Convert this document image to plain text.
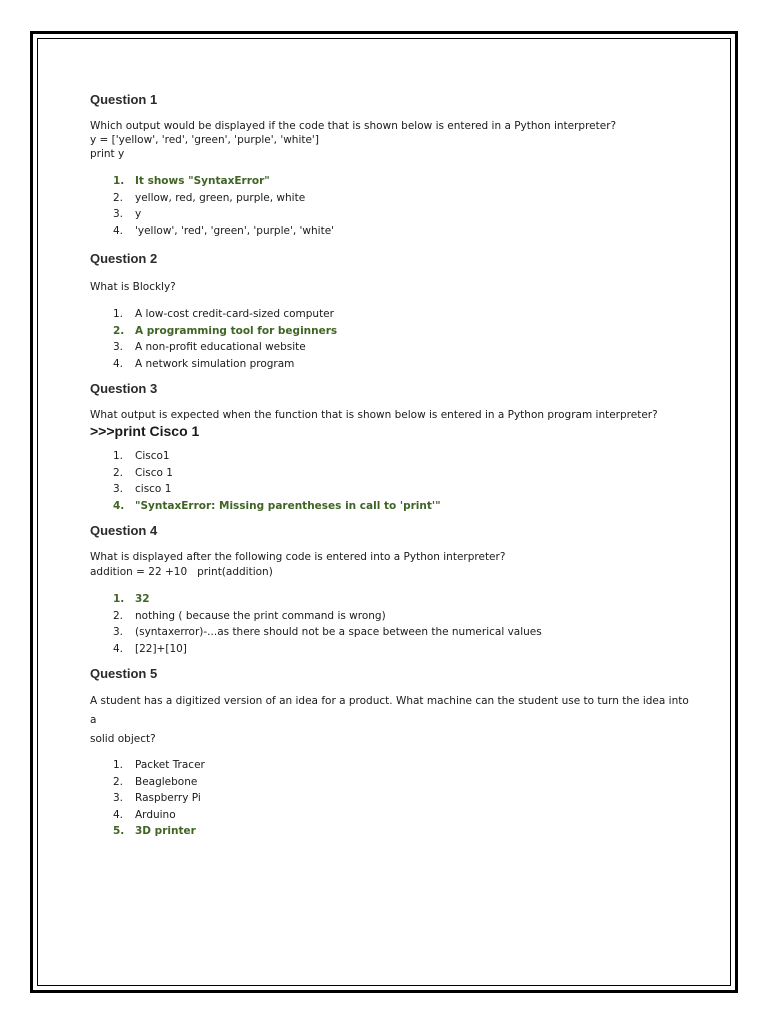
Question 1

Which output would be displayed if the code that is shown below is entered in a Python interpreter?

y = ['yellow', 'red', 'green', 'purple', 'white']

print y

1.	It shows "SyntaxError"
2.	yellow, red, green, purple, white
3.	y
4.	'yellow', 'red', 'green', 'purple', 'white'

Question 2

What is Blockly?

1.	A low-cost credit-card-sized computer
2.	A programming tool for beginners
3.	A non-profit educational website
4.	A network simulation program

Question 3

What output is expected when the function that is shown below is entered in a Python program interpreter?

>>>print Cisco 1

1.	Cisco1
2.	Cisco 1
3.	cisco 1
4.	"SyntaxError: Missing parentheses in call to 'print'"

Question 4

What is displayed after the following code is entered into a Python interpreter?

addition = 22 +10   print(addition)

1.	32
2.	nothing ( because the print command is wrong)
3.	(syntaxerror)-...as there should not be a space between the numerical values
4.	[22]+[10]

Question 5

A student has a digitized version of an idea for a product. What machine can the student use to turn the idea into a

solid object?

1.	Packet Tracer
2.	Beaglebone
3.	Raspberry Pi
4.	Arduino
5.	3D printer
